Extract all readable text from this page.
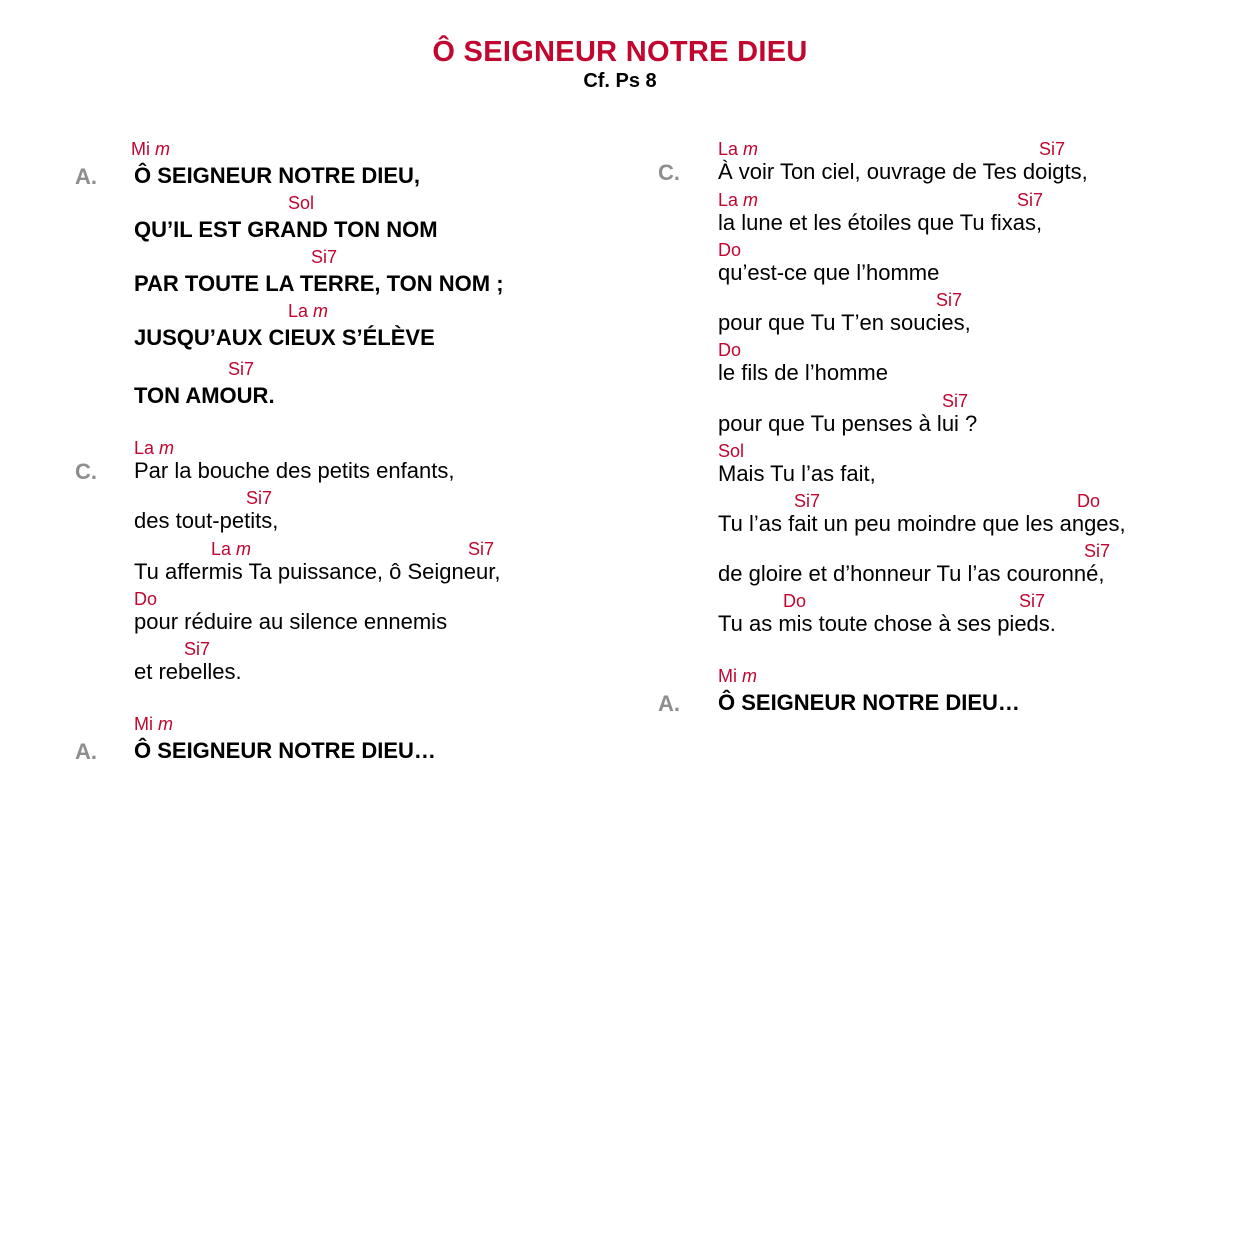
Ô SEIGNEUR NOTRE DIEU
Cf. Ps 8
Mi m
A. Ô SEIGNEUR NOTRE DIEU,
Sol
QU’IL EST GRAND TON NOM
Si7
PAR TOUTE LA TERRE, TON NOM ;
La m
JUSQU’AUX CIEUX S’ÉLÈVE
Si7
TON AMOUR.
La m
C. Par la bouche des petits enfants,
Si7
des tout-petits,
La m	Si7
Tu affermis Ta puissance, ô Seigneur,
Do
pour réduire au silence ennemis
Si7
et rebelles.
Mi m
A. Ô SEIGNEUR NOTRE DIEU…
La m	Si7
C. À voir Ton ciel, ouvrage de Tes doigts,
La m	Si7
la lune et les étoiles que Tu fixas,
Do
qu’est-ce que l’homme
Si7
pour que Tu T’en soucies,
Do
le fils de l’homme
Si7
pour que Tu penses à lui ?
Sol
Mais Tu l’as fait,
Si7	Do
Tu l’as fait un peu moindre que les anges,
Si7
de gloire et d’honneur Tu l’as couronné,
Do	Si7
Tu as mis toute chose à ses pieds.
Mi m
A. Ô SEIGNEUR NOTRE DIEU…
